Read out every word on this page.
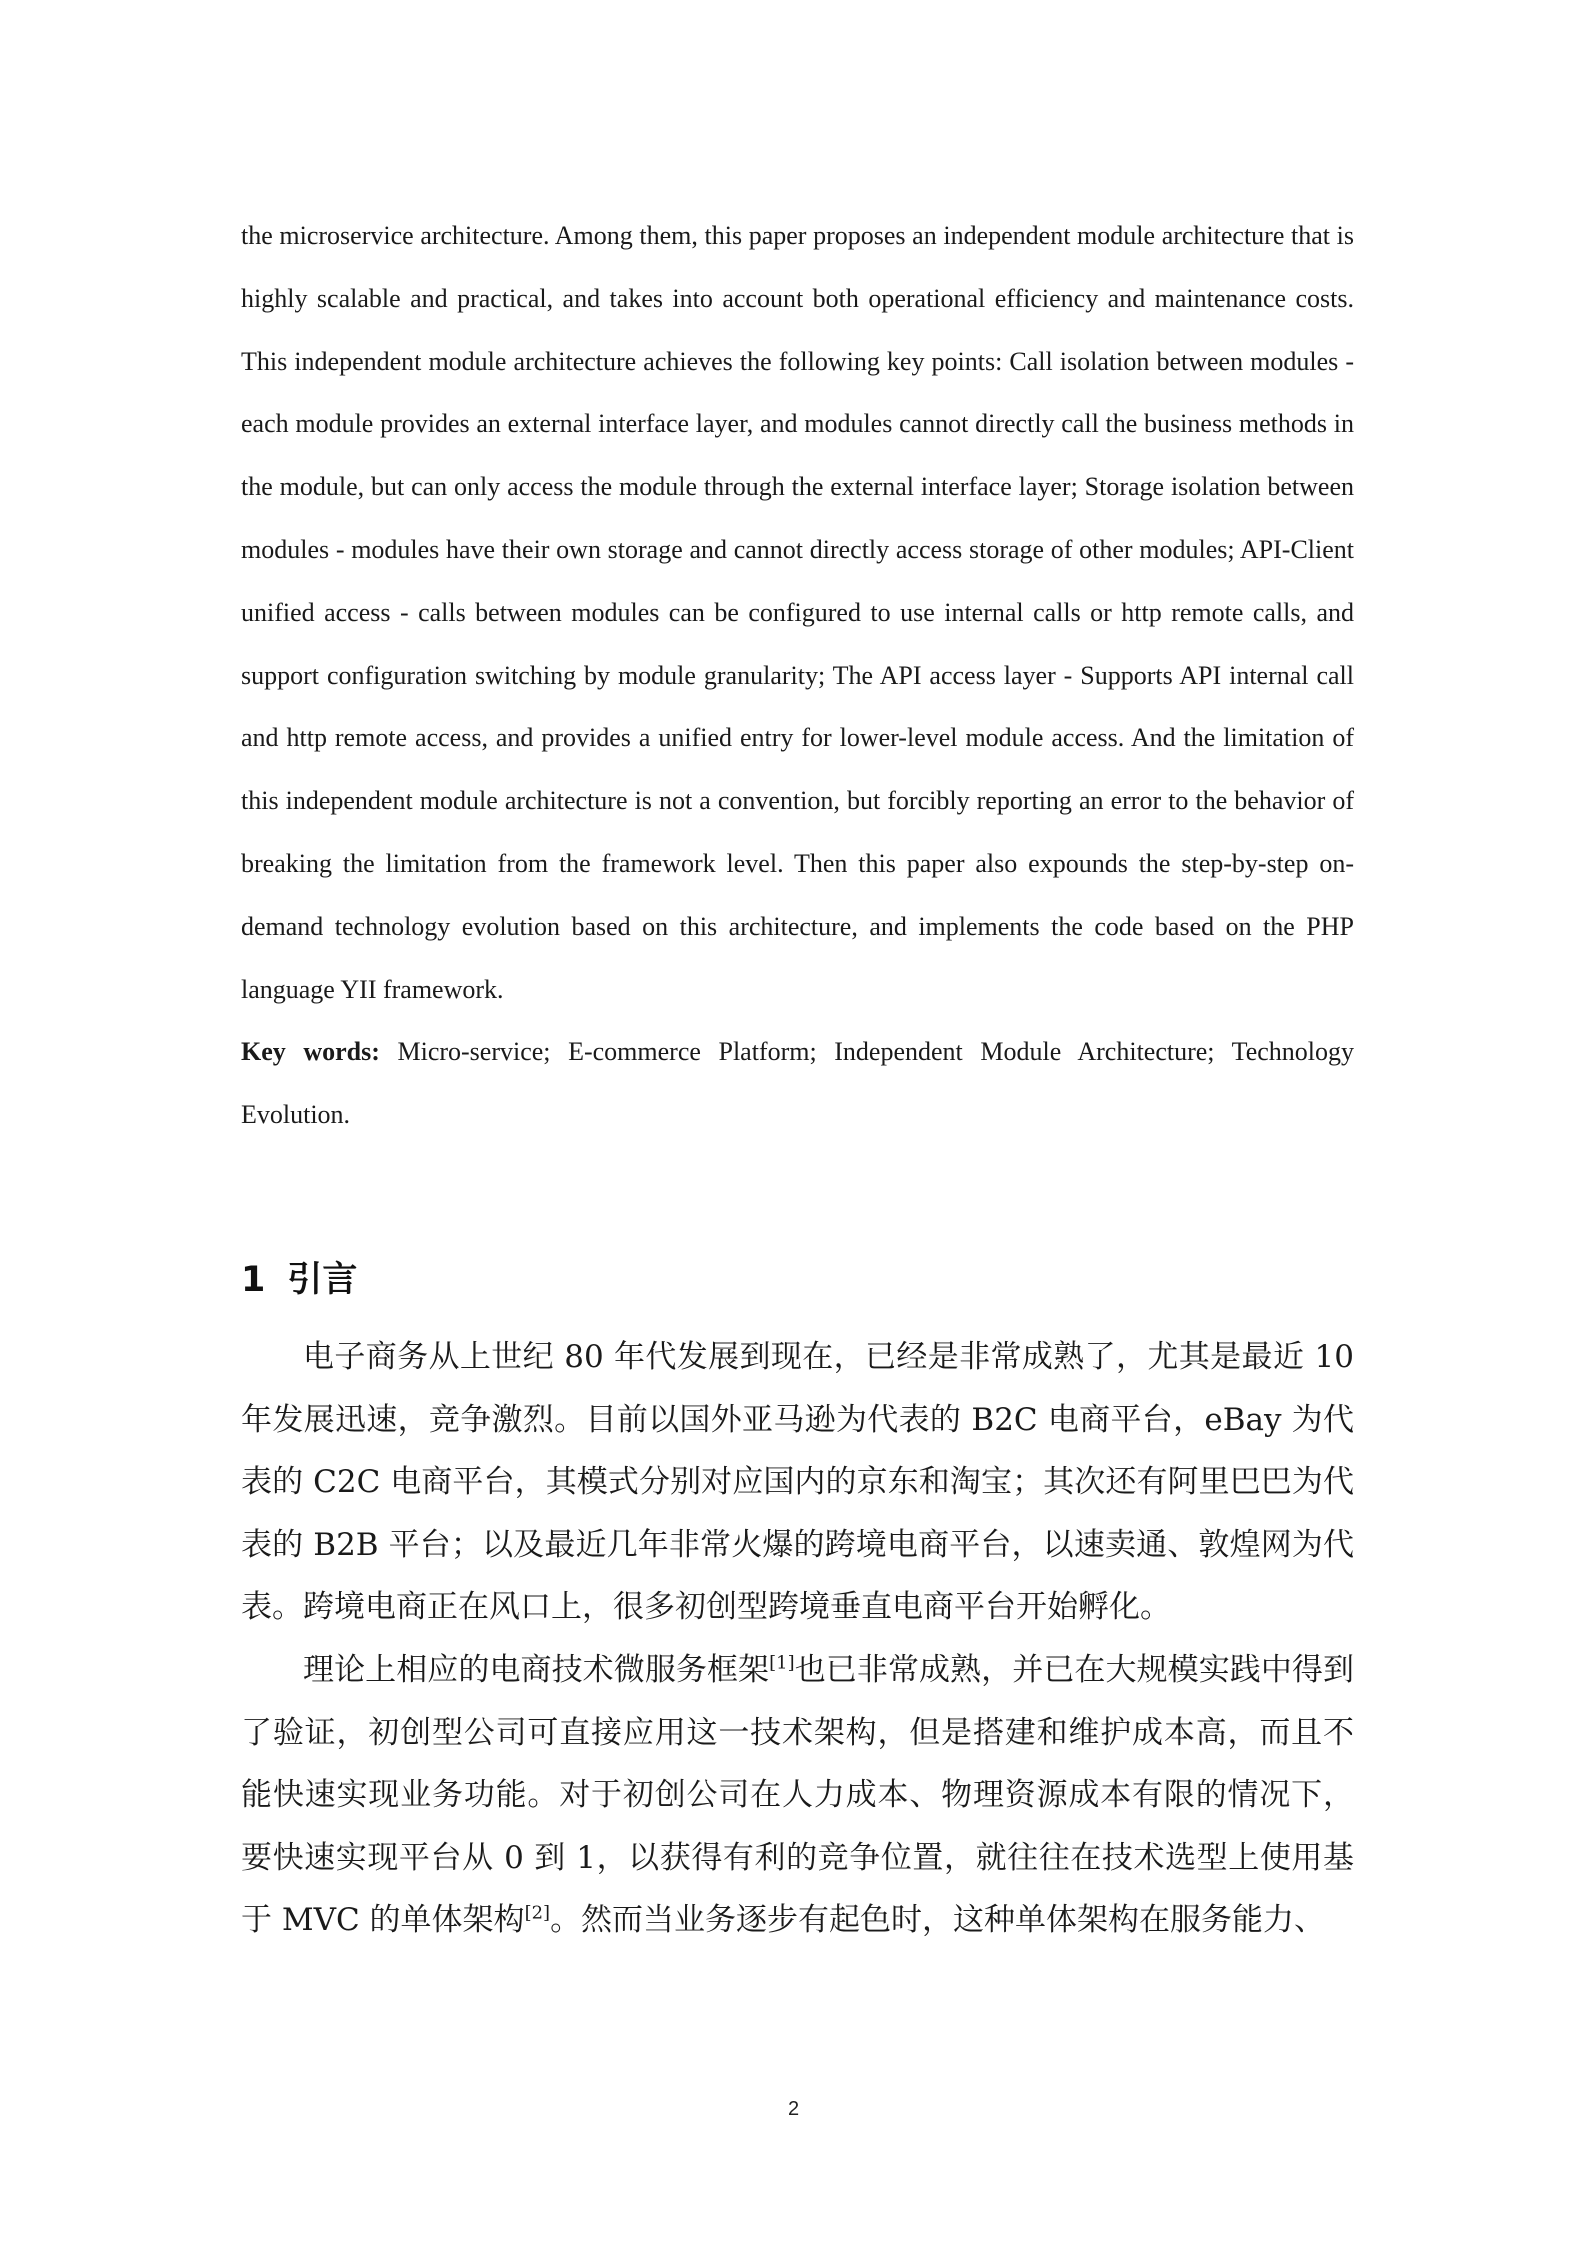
the microservice architecture. Among them, this paper proposes an independent module architecture that is highly scalable and practical, and takes into account both operational efficiency and maintenance costs. This independent module architecture achieves the following key points: Call isolation between modules - each module provides an external interface layer, and modules cannot directly call the business methods in the module, but can only access the module through the external interface layer; Storage isolation between modules - modules have their own storage and cannot directly access storage of other modules; API-Client unified access - calls between modules can be configured to use internal calls or http remote calls, and support configuration switching by module granularity; The API access layer - Supports API internal call and http remote access, and provides a unified entry for lower-level module access. And the limitation of this independent module architecture is not a convention, but forcibly reporting an error to the behavior of breaking the limitation from the framework level. Then this paper also expounds the step-by-step on-demand technology evolution based on this architecture, and implements the code based on the PHP language YII framework.

Key words: Micro-service; E-commerce Platform; Independent Module Architecture; Technology Evolution.

1 引言

电子商务从上世纪 80 年代发展到现在，已经是非常成熟了，尤其是最近 10 年发展迅速，竞争激烈。目前以国外亚马逊为代表的 B2C 电商平台，eBay 为代表的 C2C 电商平台，其模式分别对应国内的京东和淘宝；其次还有阿里巴巴为代表的 B2B 平台；以及最近几年非常火爆的跨境电商平台，以速卖通、敦煌网为代表。跨境电商正在风口上，很多初创型跨境垂直电商平台开始孵化。

理论上相应的电商技术微服务框架[1]也已非常成熟，并已在大规模实践中得到了验证，初创型公司可直接应用这一技术架构，但是搭建和维护成本高，而且不能快速实现业务功能。对于初创公司在人力成本、物理资源成本有限的情况下，要快速实现平台从 0 到 1，以获得有利的竞争位置，就往往在技术选型上使用基于 MVC 的单体架构[2]。然而当业务逐步有起色时，这种单体架构在服务能力、

2
